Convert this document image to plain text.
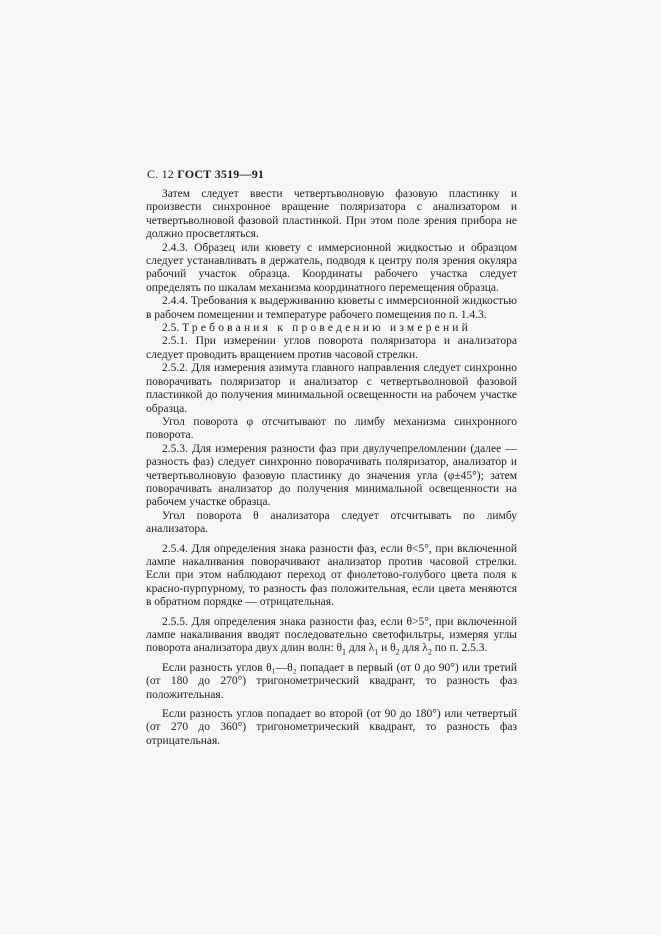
С. 12 ГОСТ 3519—91

Затем следует ввести четвертьволновую фазовую пластинку и произвести синхронное вращение поляризатора с анализатором и четвертьволновой фазовой пластинкой. При этом поле зрения прибора не должно просветляться.

2.4.3. Образец или кювету с иммерсионной жидкостью и образцом следует устанавливать в держатель, подводя к центру поля зрения окуляра рабочий участок образца. Координаты рабочего участка следует определять по шкалам механизма координатного перемещения образца.

2.4.4. Требования к выдерживанию кюветы с иммерсионной жидкостью в рабочем помещении и температуре рабочего помещения по п. 1.4.3.

2.5. Требования к проведению измерений

2.5.1. При измерении углов поворота поляризатора и анализатора следует проводить вращением против часовой стрелки.

2.5.2. Для измерения азимута главного направления следует синхронно поворачивать поляризатор и анализатор с четвертьволновой фазовой пластинкой до получения минимальной освещенности на рабочем участке образца.

Угол поворота φ отсчитывают по лимбу механизма синхронного поворота.

2.5.3. Для измерения разности фаз при двулучепреломлении (далее — разность фаз) следует синхронно поворачивать поляризатор, анализатор и четвертьволновую фазовую пластинку до значения угла (φ±45°); затем поворачивать анализатор до получения минимальной освещенности на рабочем участке образца.

Угол поворота θ анализатора следует отсчитывать по лимбу анализатора.

2.5.4. Для определения знака разности фаз, если θ<5°, при включенной лампе накаливания поворачивают анализатор против часовой стрелки. Если при этом наблюдают переход от фиолетово-голубого цвета поля к красно-пурпурному, то разность фаз положительная, если цвета меняются в обратном порядке — отрицательная.

2.5.5. Для определения знака разности фаз, если θ>5°, при включенной лампе накаливания вводят последовательно светофильтры, измеряя углы поворота анализатора двух длин волн: $\theta_1$ для $\lambda_1$ и $\theta_2$ для $\lambda_2$ по п. 2.5.3.

Если разность углов θ₁—θ₂ попадает в первый (от 0 до 90°) или третий (от 180 до 270°) тригонометрический квадрант, то разность фаз положительная.

Если разность углов попадает во второй (от 90 до 180°) или четвертый (от 270 до 360°) тригонометрический квадрант, то разность фаз отрицательная.
